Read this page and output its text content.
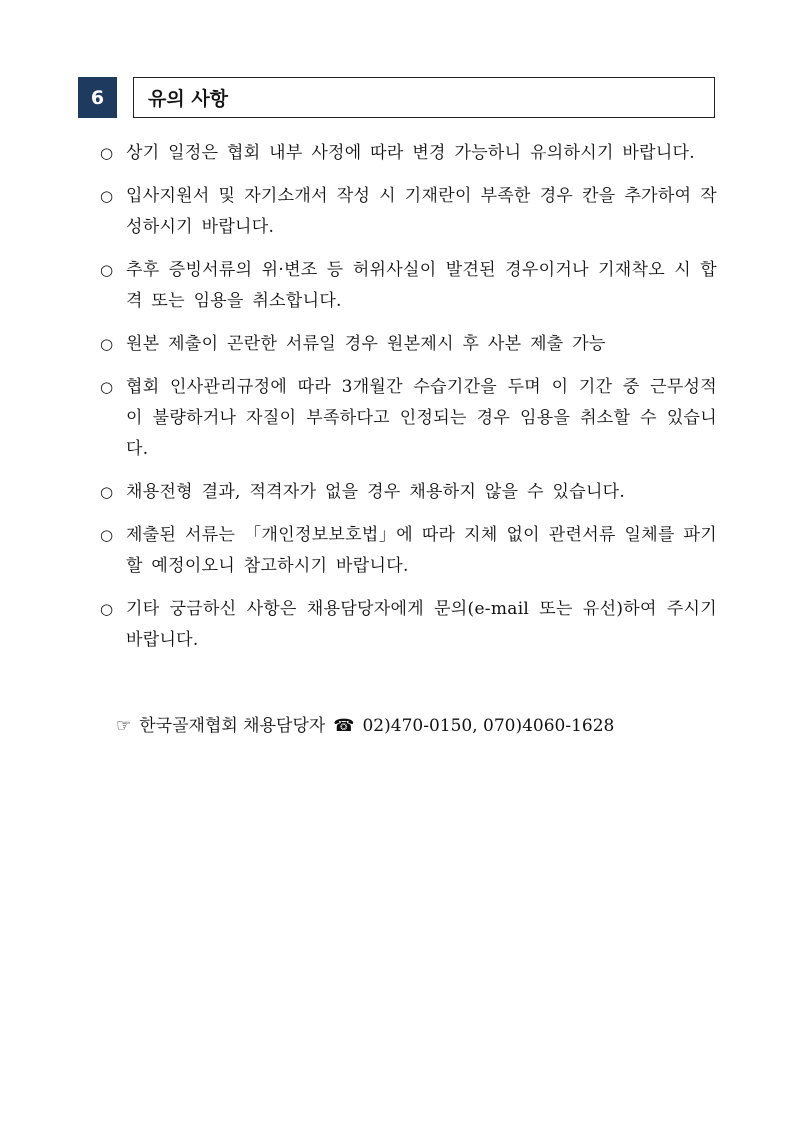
6	유의 사항
○ 상기 일정은 협회 내부 사정에 따라 변경 가능하니 유의하시기 바랍니다.
○ 입사지원서 및 자기소개서 작성 시 기재란이 부족한 경우 칸을 추가하여 작성하시기 바랍니다.
○ 추후 증빙서류의 위·변조 등 허위사실이 발견된 경우이거나 기재착오 시 합격 또는 임용을 취소합니다.
○ 원본 제출이 곤란한 서류일 경우 원본제시 후 사본 제출 가능
○ 협회 인사관리규정에 따라 3개월간 수습기간을 두며 이 기간 중 근무성적이 불량하거나 자질이 부족하다고 인정되는 경우 임용을 취소할 수 있습니다.
○ 채용전형 결과, 적격자가 없을 경우 채용하지 않을 수 있습니다.
○ 제출된 서류는 「개인정보보호법」에 따라 지체 없이 관련서류 일체를 파기할 예정이오니 참고하시기 바랍니다.
○ 기타 궁금하신 사항은 채용담당자에게 문의(e-mail 또는 유선)하여 주시기 바랍니다.
☞ 한국골재협회 채용담당자 ☎ 02)470-0150, 070)4060-1628
